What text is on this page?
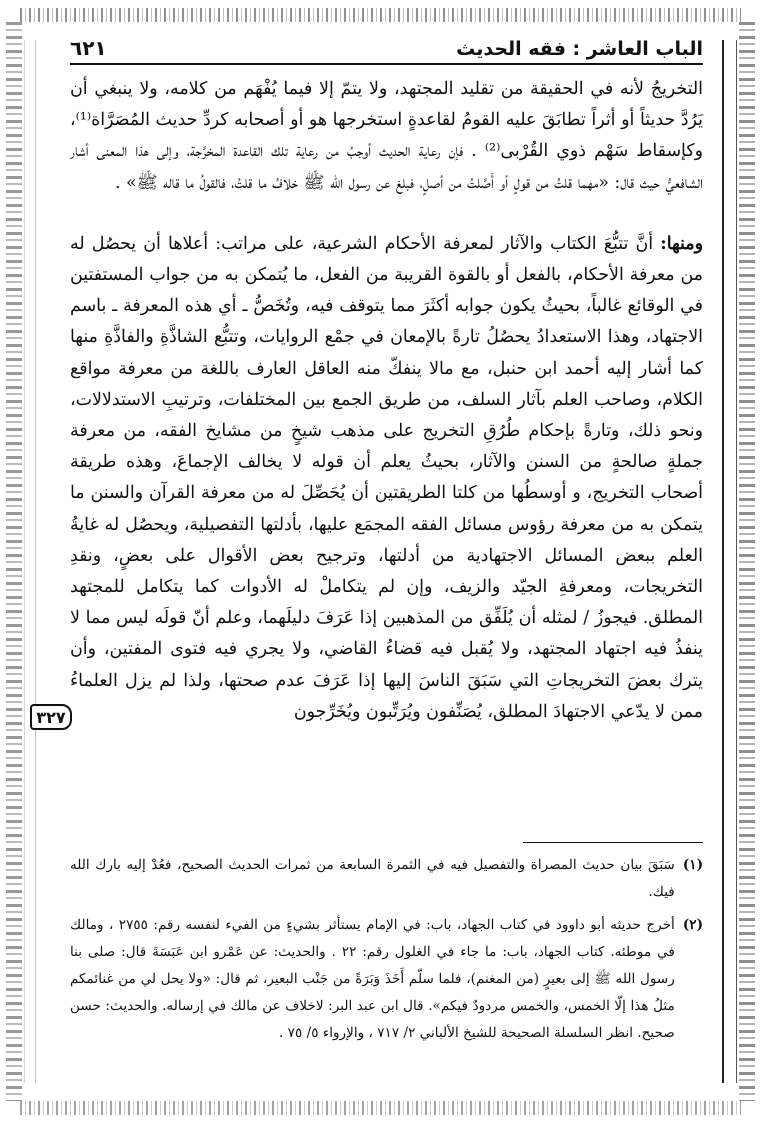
الباب العاشر : فقه الحديث
٦٢١

التخريجُ لأنه في الحقيقة من تقليد المجتهد، ولا يتمّ إلا فيما يُفْهَم من كلامه، ولا ينبغي أن يَرُدَّ حديثاً أو أثراً تطابَقَ عليه القومُ لقاعدةٍ استخرجها هو أو أصحابه كردِّ حديث المُصَرَّاة⁽¹⁾، وكإسقاط سَهْم ذوي القُرْبى⁽²⁾ . فإن رعاية الحديث أوجبُ من رعاية تلك القاعدة المخرَّجة، وإلى هذا المعنى أشار الشافعيُّ حيث قال: «مهما قلتُ من قولٍ أو أَصَّلتُ من أصلٍ، فبلغ عن رسول الله ﷺ خلافُ ما قلتُ، فالقولُ ما قاله ﷺ» .

ومنها: أنَّ تتبُّعَ الكتاب والآثار لمعرفة الأحكام الشرعية، على مراتب: أعلاها أن يحصُل له من معرفة الأحكام، بالفعل أو بالقوة القريبة من الفعل، ما يُتمكن به من جواب المستفتين في الوقائع غالباً، بحيثُ يكون جوابه أكثَرَ مما يتوقف فيه، وتُخَصُّ ـ أي هذه المعرفة ـ باسم الاجتهاد، وهذا الاستعدادُ يحصُلُ تارةً بالإمعان في جمْع الروايات، وتتبُّع الشاذَّةِ والفاذَّةِ منها كما أشار إليه أحمد ابن حنبل، مع مالا ينفكّ منه العاقل العارف باللغة من معرفة مواقع الكلام، وصاحب العلم بآثار السلف، من طريق الجمع بين المختلفات، وترتيبِ الاستدلالات، ونحو ذلك، وتارةً بإحكام طُرُقِ التخريج على مذهب شيخٍ من مشايخ الفقه، من معرفة جملةٍ صالحةٍ من السنن والآثار، بحيثُ يعلم أن قوله لا يخالف الإجماعَ، وهذه طريقة أصحاب التخريج، و أوسطُها من كلتا الطريقتين أن يُحَصِّلَ له من معرفة القرآن والسنن ما يتمكن به من معرفة رؤوس مسائل الفقه المجمَع عليها، بأدلتها التفصيلية، ويحصُل له غايةُ العلم ببعض المسائل الاجتهادية من أدلتها، وترجيح بعض الأقوال على بعضٍ، ونقدِ التخريجات، ومعرفةِ الجيّد والزيف، وإن لم يتكاملْ له الأدوات كما يتكامل للمجتهد المطلق. فيجوزُ / لمثله أن يُلَفِّق من المذهبين إذا عَرَفَ دليلَهما، وعلم أنّ قولَه ليس مما لا ينفذُ فيه اجتهاد المجتهد، ولا يُقبل فيه قضاءُ القاضي، ولا يجري فيه فتوى المفتين، وأن يترك بعضَ التخريجاتِ التي سَبَقَ الناسَ إليها إذا عَرَفَ عدم صحتها، ولذا لم يزل العلماءُ ممن لا يدّعي الاجتهادَ المطلق، يُصَنِّفون ويُرَتِّبون ويُخَرِّجون

٣٢٧
(١)
سَبَقَ بيان حديث المصراة والتفصيل فيه في الثمرة السابعة من ثمرات الحديث الصحيح، فعُدْ إليه بارك الله فيك.
(٢)
أخرج حديثه أبو داوود في كتاب الجهاد، باب: في الإمام يستأثر بشيءٍ من الفيء لنفسه رقم: ٢٧٥٥ ، ومالك في موطئه. كتاب الجهاد، باب: ما جاء في الغلول رقم: ٢٢ . والحديث: عن عَمْرو ابن عَبَسَةَ قال: صلى بنا رسول الله ﷺ إلى بعيرٍ (من المغنم)، فلما سلّم أَخَذَ وَبَرَةً من جَنْب البعير، ثم قال: «ولا يحل لي من غنائمكم مثلُ هذا إلّا الخمس، والخمس مردودٌ فيكم». قال ابن عبد البر: لاخلاف عن مالك في إرساله. والحديث: حسن صحيح. انظر السلسلة الصحيحة للشيخ الألباني ٢/ ٧١٧ ، والإرواء ٥/ ٧٥ .
